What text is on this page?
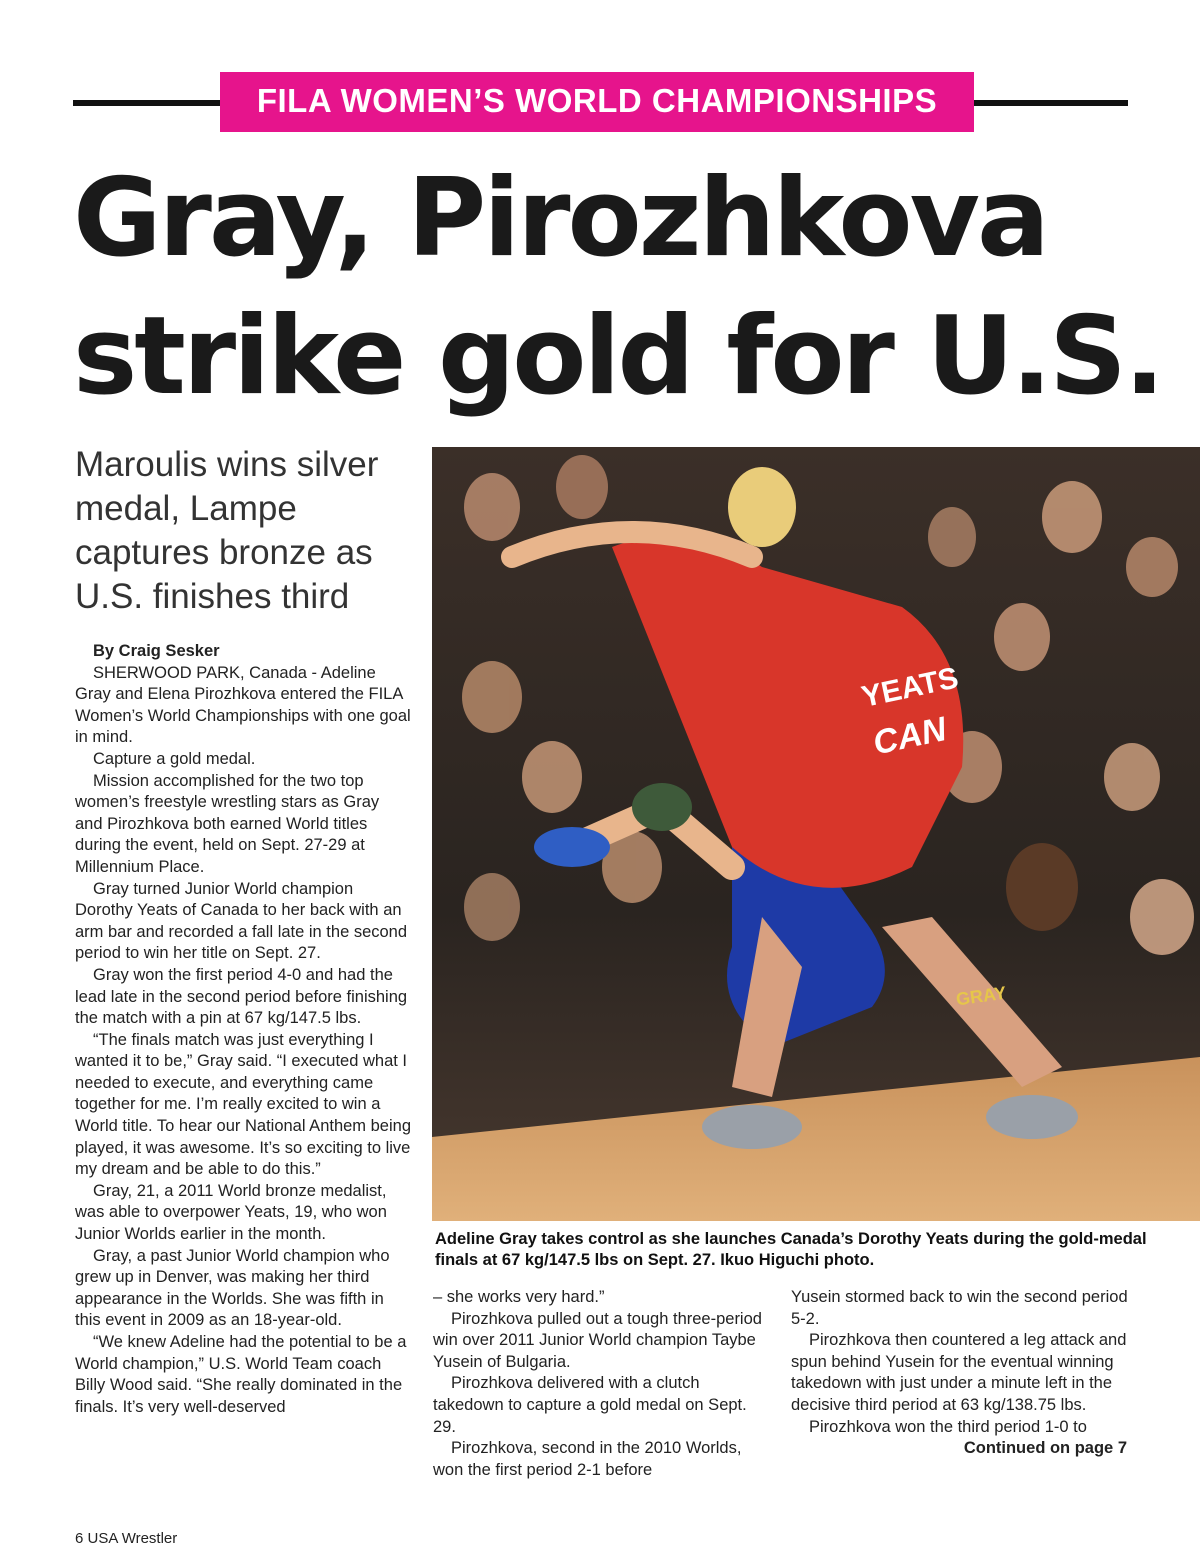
FILA WOMEN’S WORLD CHAMPIONSHIPS
Gray, Pirozhkova
strike gold for U.S.
Maroulis wins silver medal, Lampe captures bronze as U.S. finishes third
YEATS
CAN
GRAY

Adeline Gray takes control as she launches Canada’s Dorothy Yeats during the gold-medal finals at 67 kg/147.5 lbs on Sept. 27. Ikuo Higuchi photo.

By Craig Sesker

SHERWOOD PARK, Canada - Adeline Gray and Elena Pirozhkova entered the FILA Women’s World Championships with one goal in mind.

Capture a gold medal.

Mission accomplished for the two top women’s freestyle wrestling stars as Gray and Pirozhkova both earned World titles during the event, held on Sept. 27-29 at Millennium Place.

Gray turned Junior World champion Dorothy Yeats of Canada to her back with an arm bar and recorded a fall late in the second period to win her title on Sept. 27.

Gray won the first period 4-0 and had the lead late in the second period before finishing the match with a pin at 67 kg/147.5 lbs.

“The finals match was just everything I wanted it to be,” Gray said. “I executed what I needed to execute, and everything came together for me. I’m really excited to win a World title. To hear our National Anthem being played, it was awesome. It’s so exciting to live my dream and be able to do this.”

Gray, 21, a 2011 World bronze medalist, was able to overpower Yeats, 19, who won Junior Worlds earlier in the month.

Gray, a past Junior World champion who grew up in Denver, was making her third appearance in the Worlds. She was fifth in this event in 2009 as an 18-year-old.

“We knew Adeline had the potential to be a World champion,” U.S. World Team coach Billy Wood said. “She really dominated in the finals. It’s very well-deserved

– she works very hard.”

Pirozhkova pulled out a tough three-period win over 2011 Junior World champion Taybe Yusein of Bulgaria.

Pirozhkova delivered with a clutch takedown to capture a gold medal on Sept. 29.

Pirozhkova, second in the 2010 Worlds, won the first period 2-1 before

Yusein stormed back to win the second period 5-2.

Pirozhkova then countered a leg attack and spun behind Yusein for the eventual winning takedown with just under a minute left in the decisive third period at 63 kg/138.75 lbs.

Pirozhkova won the third period 1-0 to

Continued on page 7

6 USA Wrestler
